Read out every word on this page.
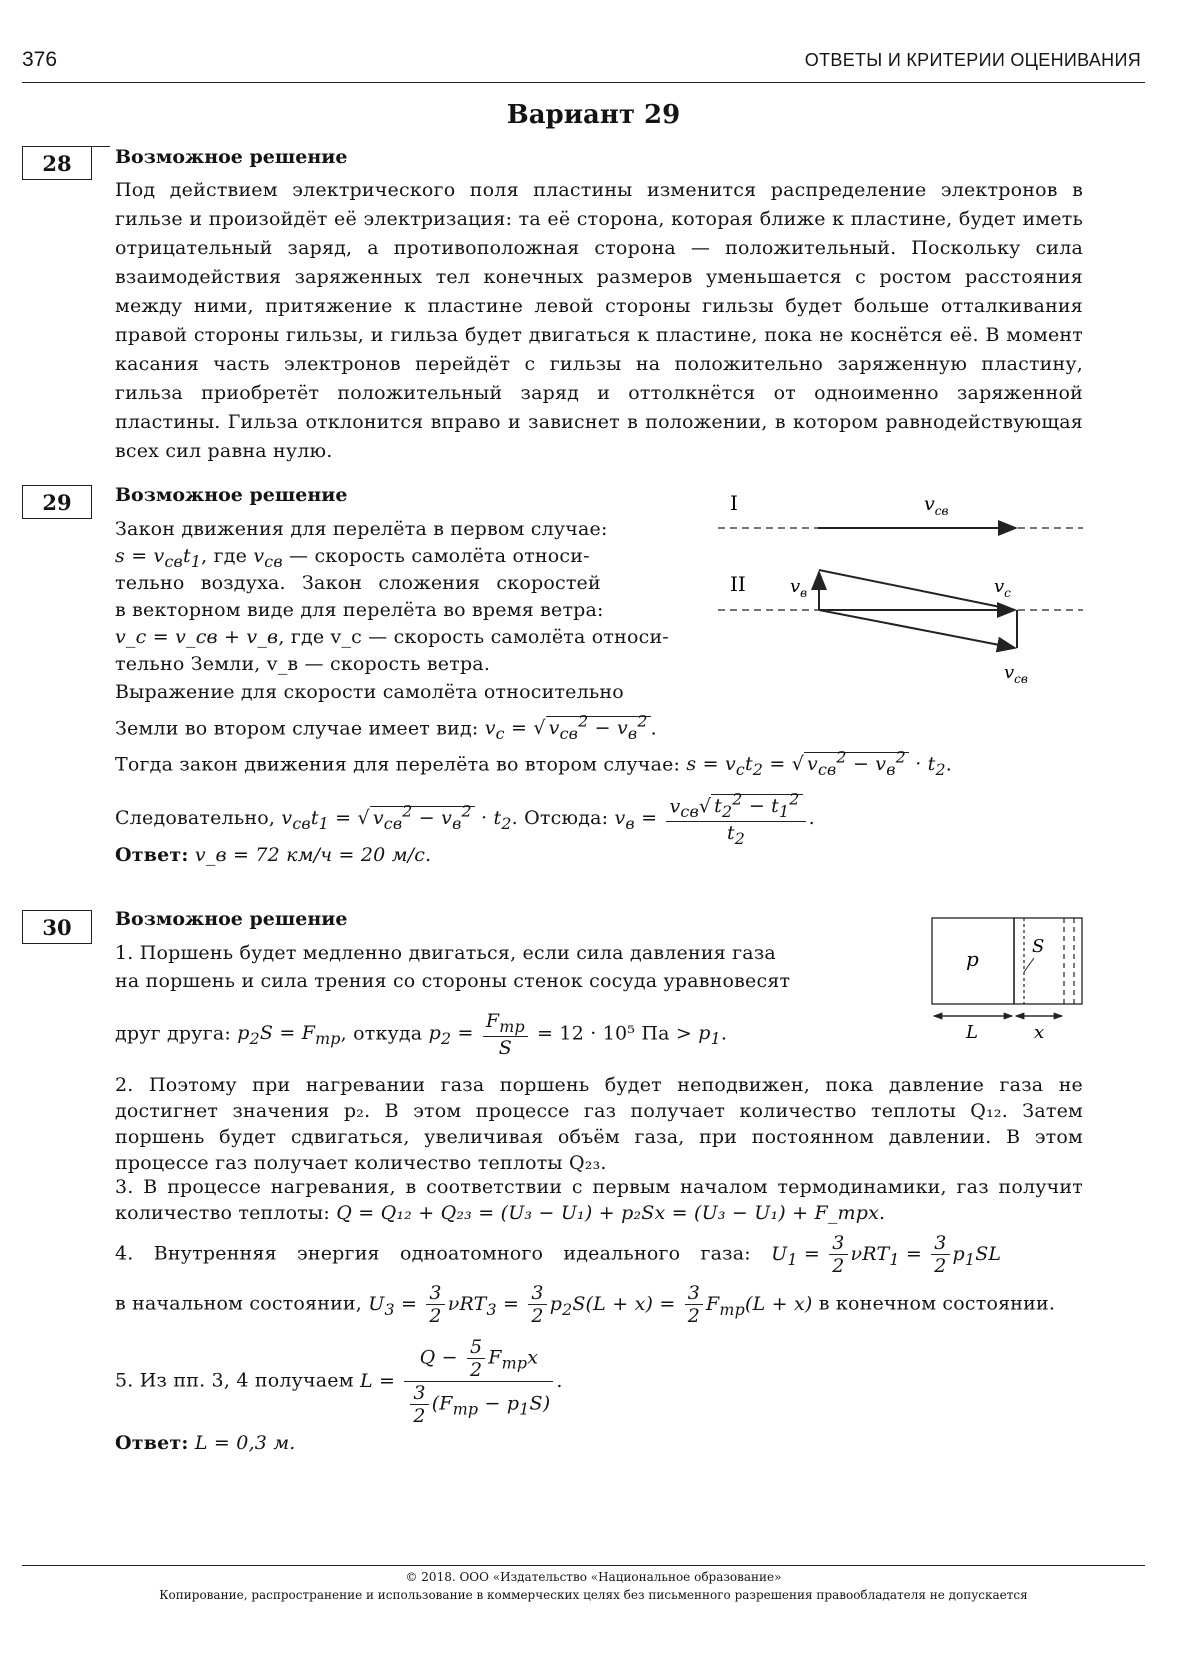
376	ОТВЕТЫ И КРИТЕРИИ ОЦЕНИВАНИЯ
Вариант 29
28	Возможное решение
Под действием электрического поля пластины изменится распределение электронов в гильзе и произойдёт её электризация: та её сторона, которая ближе к пластине, будет иметь отрицательный заряд, а противоположная сторона — положительный. Поскольку сила взаимодействия заряженных тел конечных размеров уменьшается с ростом расстояния между ними, притяжение к пластине левой стороны гильзы будет больше отталкивания правой стороны гильзы, и гильза будет двигаться к пластине, пока не коснётся её. В момент касания часть электронов перейдёт с гильзы на положительно заряженную пластину, гильза приобретёт положительный заряд и оттолкнётся от одноименно заряженной пластины. Гильза отклонится вправо и зависнет в положении, в котором равнодействующая всех сил равна нулю.
29	Возможное решение
Закон движения для перелёта в первом случае:
$s = v_{св}t_1$, где $v_{св}$ — скорость самолёта относи-
тельно воздуха. Закон сложения скоростей
в векторном виде для перелёта во время ветра:
v_c = v_св + v_в, где v_c — скорость самолёта относи-
тельно Земли, v_в — скорость ветра.
Выражение для скорости самолёта относительно
Земли во втором случае имеет вид: $v_c$ = √ $v_{св}^2 - v_в^2$ .
Тогда закон движения для перелёта во втором случае: $s = v_ct_2$ = √ $v_{св}^2 - v_в^2 \cdot t_2$.
Следовательно, $v_{св}t_1$ = √ $v_{св}^2 - v_в^2 \cdot t_2$. Отсюда: $v_в = \frac{v_{св}√ t_2^2 - t_1^2}{t_2}$ .
Ответ: v_в = 72 км/ч = 20 м/с.
I	$v_{св}$
II $v_в$	$v_с$
$v_{св}$
30	Возможное решение
1. Поршень будет медленно двигаться, если сила давления газа
на поршень и сила трения со стороны стенок сосуда уравновесят
друг друга: $p_2S = F_{тр}$, откуда $p_2 = \frac{F_{тр}}{S} = 12 \cdot 10^5$ Па > $p_1$.
2. Поэтому при нагревании газа поршень будет неподвижен, пока давление газа не достигнет значения p₂. В этом процессе газ получает количество теплоты Q₁₂. Затем поршень будет сдвигаться, увеличивая объём газа, при постоянном давлении. В этом процессе газ получает количество теплоты Q₂₃.
3. В процессе нагревания, в соответствии с первым началом термодинамики, газ получит количество теплоты: Q = Q₁₂ + Q₂₃ = (U₃ − U₁) + p₂Sx = (U₃ − U₁) + F_трx.
4. Внутренняя энергия одноатомного идеального газа: $U_1 = \frac{3}{2} \nu RT_1 = \frac{3}{2} p_1SL$
в начальном состоянии, $U_3 = \frac{3}{2} \nu RT_3 = \frac{3}{2} p_2S(L + x) = \frac{3}{2} F_{тр}(L + x)$ в конечном состоянии.
5. Из пп. 3, 4 получаем $L = \frac{Q - \frac{5}{2} F_{тр}x}{\frac{3}{2} (F_{тр} - p_1S)}$ .
Ответ: L = 0,3 м.
p
S
L	x
© 2018. ООО «Издательство «Национальное образование»
Копирование, распространение и использование в коммерческих целях без письменного разрешения правообладателя не допускается
